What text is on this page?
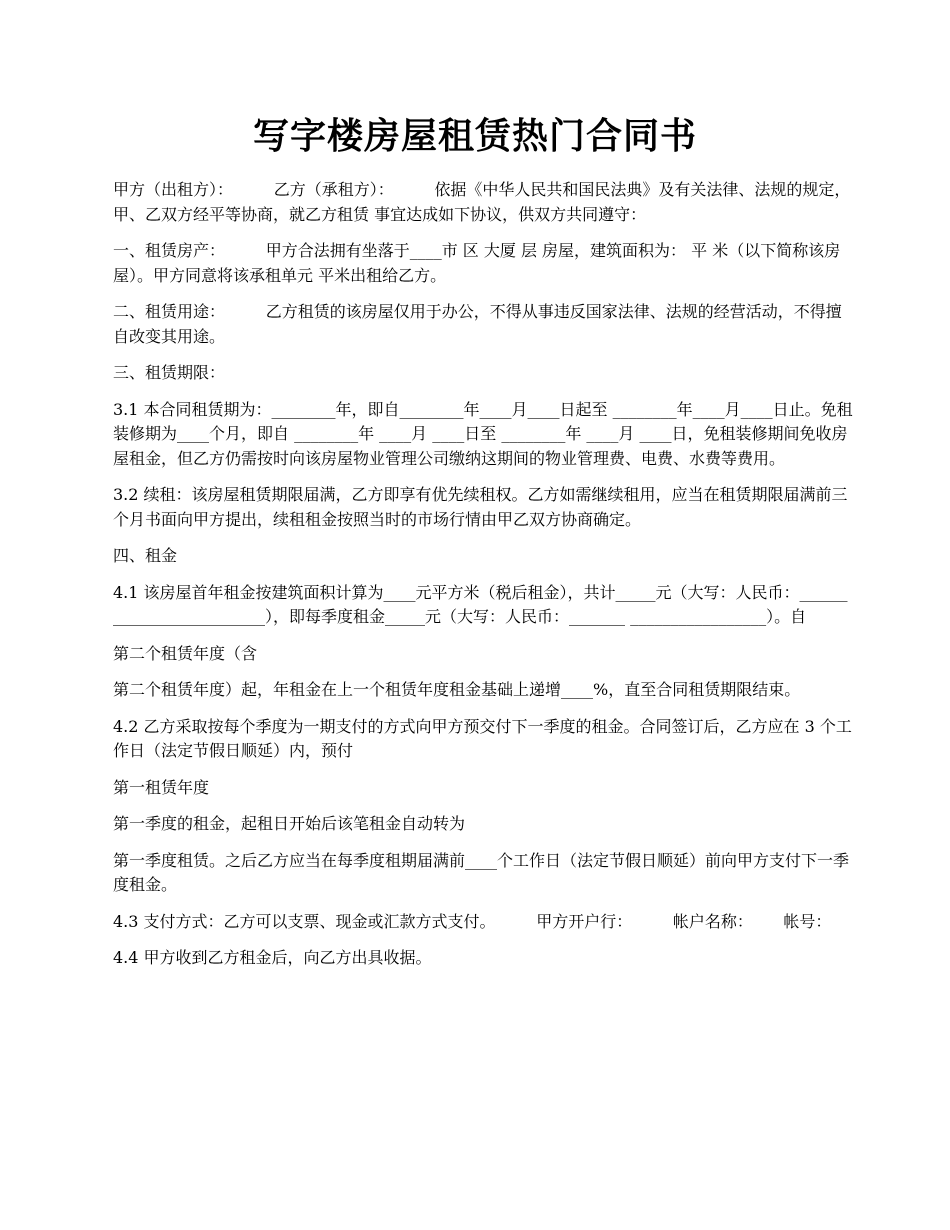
写字楼房屋租赁热门合同书

甲方（出租方）：        乙方（承租方）：        依据《中华人民共和国民法典》及有关法律、法规的规定，甲、乙双方经平等协商，就乙方租赁 事宜达成如下协议，供双方共同遵守：

一、租赁房产：        甲方合法拥有坐落于____市 区 大厦 层 房屋，建筑面积为： 平 米（以下简称该房屋）。甲方同意将该承租单元 平米出租给乙方。

二、租赁用途：        乙方租赁的该房屋仅用于办公，不得从事违反国家法律、法规的经营活动，不得擅自改变其用途。

三、租赁期限：

3.1 本合同租赁期为：________年，即自________年____月____日起至 ________年____月____日止。免租装修期为____个月，即自 ________年 ____月 ____日至 ________年 ____月 ____日，免租装修期间免收房屋租金，但乙方仍需按时向该房屋物业管理公司缴纳这期间的物业管理费、电费、水费等费用。

3.2 续租：该房屋租赁期限届满，乙方即享有优先续租权。乙方如需继续租用，应当在租赁期限届满前三个月书面向甲方提出，续租租金按照当时的市场行情由甲乙双方协商确定。

四、租金

4.1 该房屋首年租金按建筑面积计算为____元平方米（税后租金），共计_____元（大写：人民币：_________________________），即每季度租金_____元（大写：人民币：_______ _________________）。自

第二个租赁年度（含

第二个租赁年度）起，年租金在上一个租赁年度租金基础上递增____%，直至合同租赁期限结束。

4.2 乙方采取按每个季度为一期支付的方式向甲方预交付下一季度的租金。合同签订后，乙方应在 3 个工作日（法定节假日顺延）内，预付

第一租赁年度

第一季度的租金，起租日开始后该笔租金自动转为

第一季度租赁。之后乙方应当在每季度租期届满前____个工作日（法定节假日顺延）前向甲方支付下一季度租金。

4.3 支付方式：乙方可以支票、现金或汇款方式支付。        甲方开户行：        帐户名称：      帐号：

4.4 甲方收到乙方租金后，向乙方出具收据。
